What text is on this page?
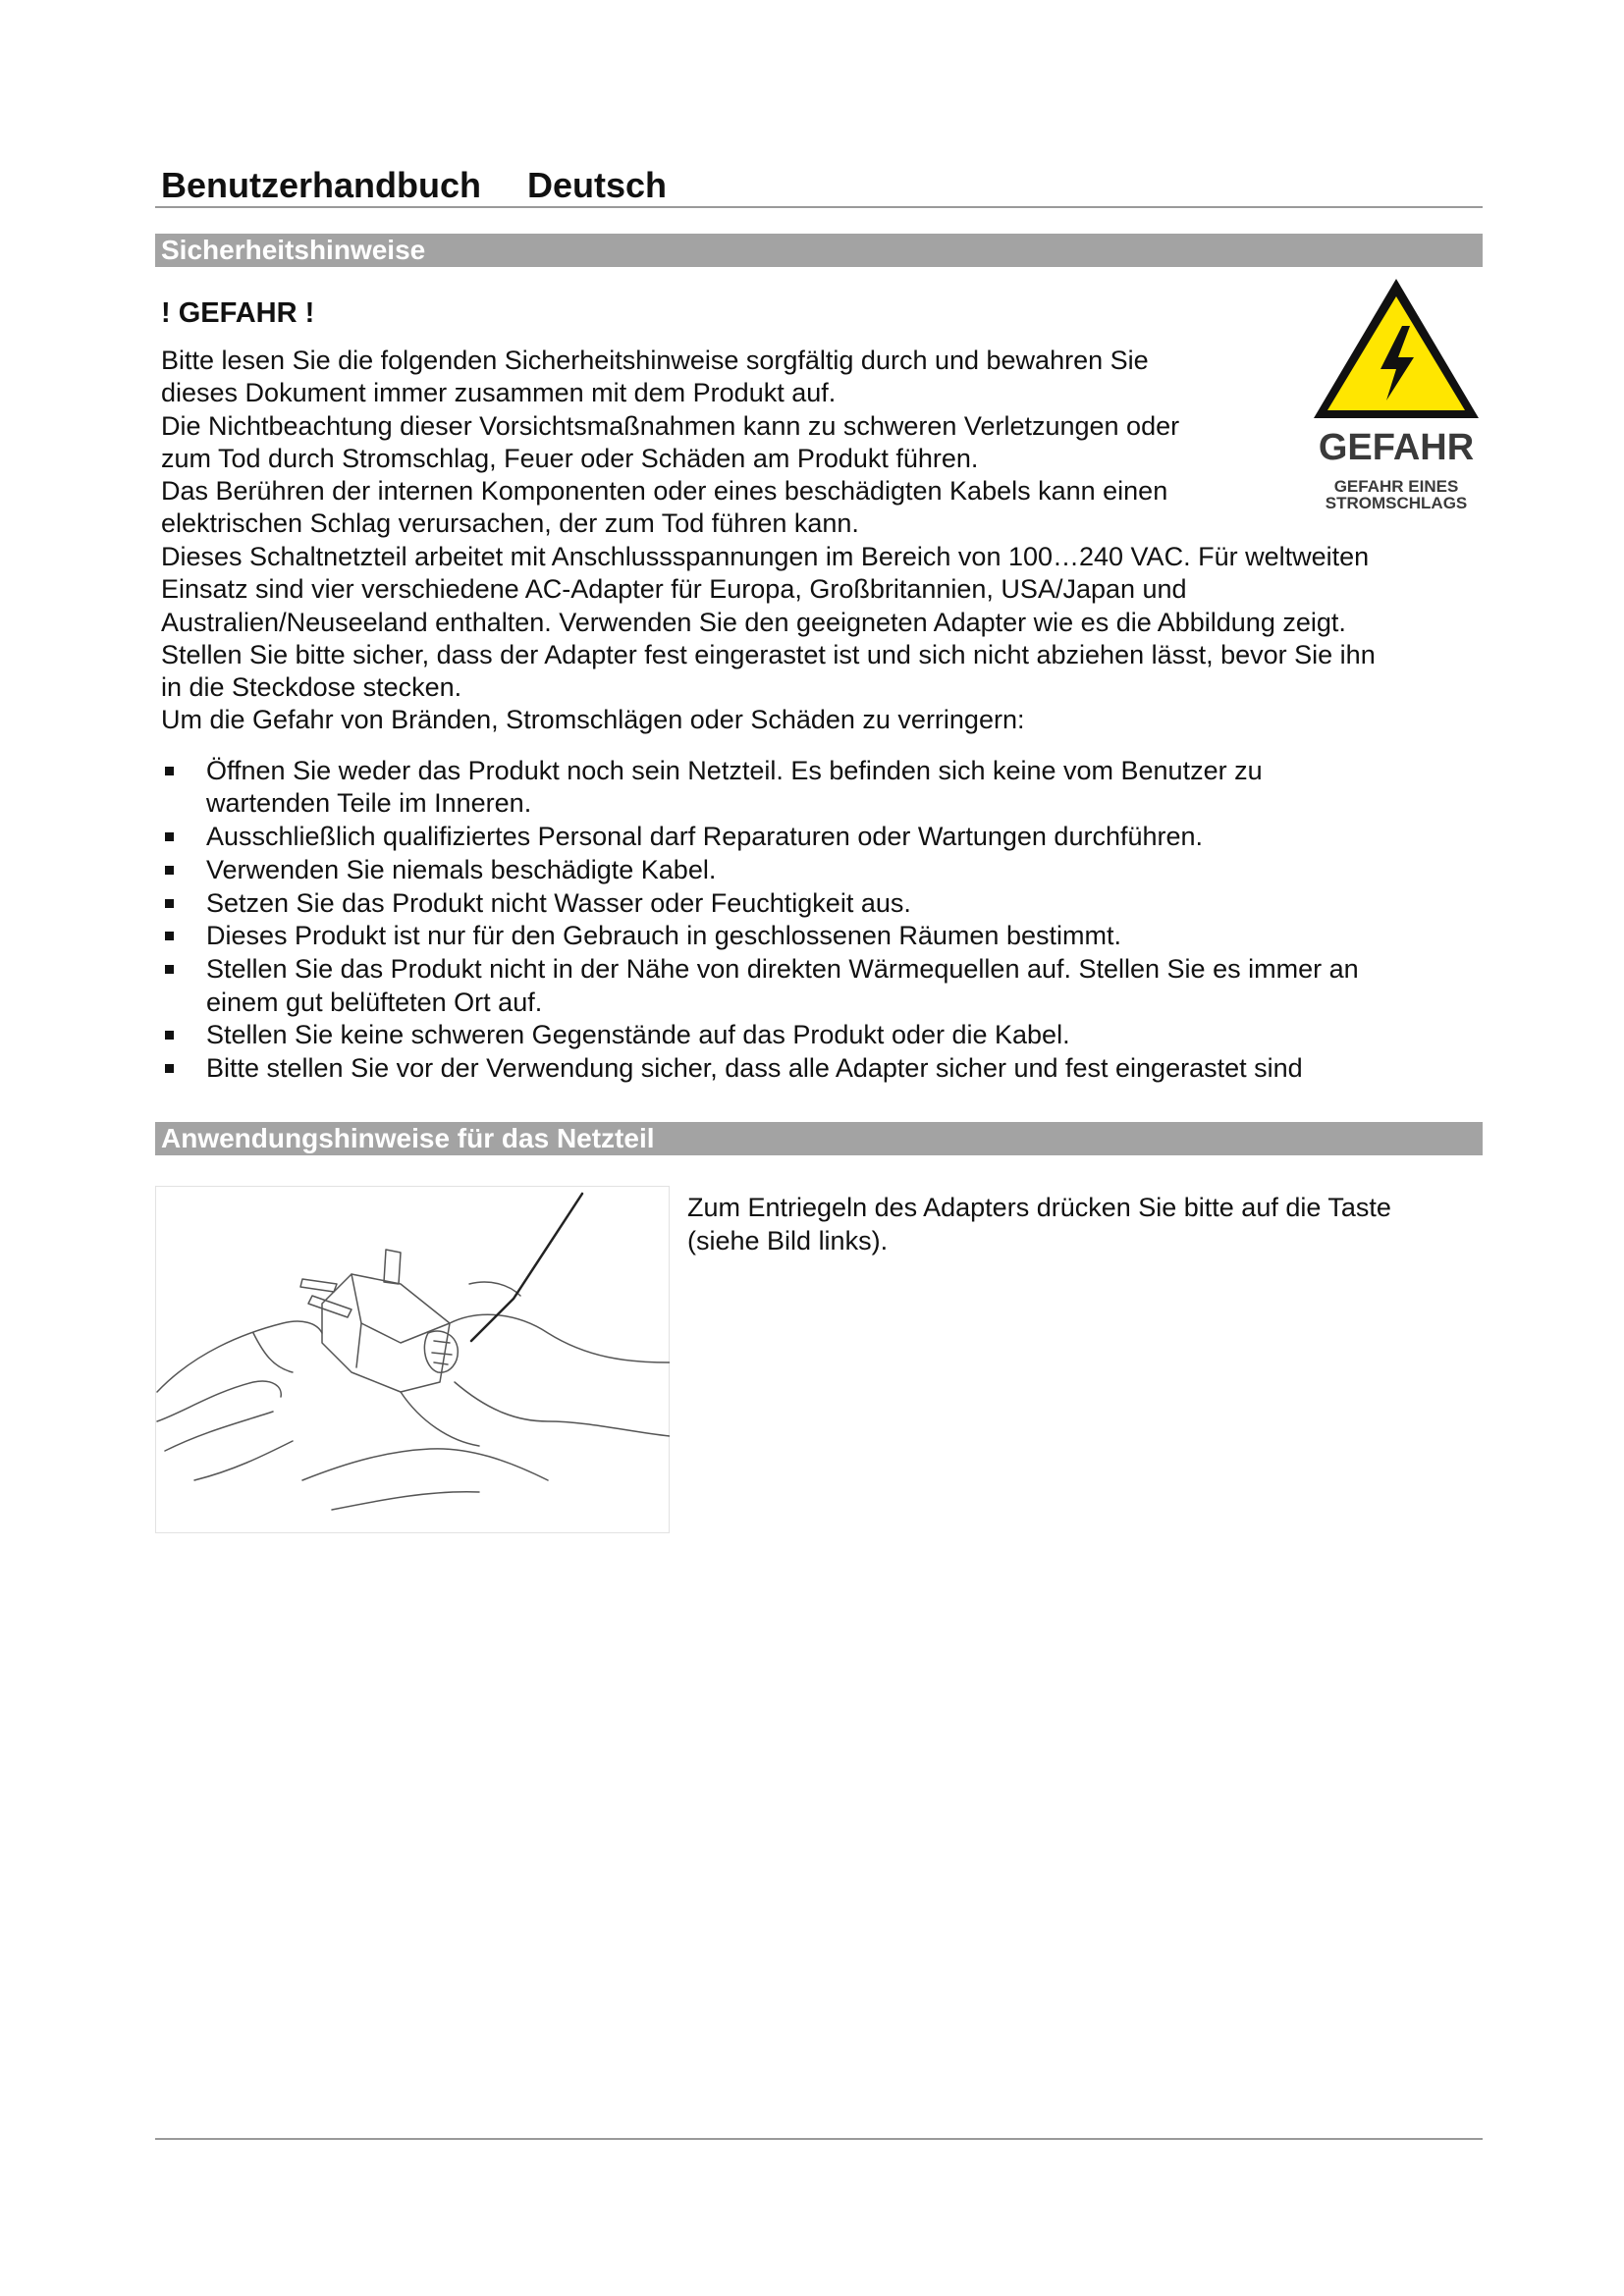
Benutzerhandbuch Deutsch
Sicherheitshinweise
! GEFAHR !
Bitte lesen Sie die folgenden Sicherheitshinweise sorgfältig durch und bewahren Sie
dieses Dokument immer zusammen mit dem Produkt auf.
Die Nichtbeachtung dieser Vorsichtsmaßnahmen kann zu schweren Verletzungen oder
zum Tod durch Stromschlag, Feuer oder Schäden am Produkt führen.
Das Berühren der internen Komponenten oder eines beschädigten Kabels kann einen
elektrischen Schlag verursachen, der zum Tod führen kann.
GEFAHR
GEFAHR EINES
STROMSCHLAGS
Dieses Schaltnetzteil arbeitet mit Anschlussspannungen im Bereich von 100…240 VAC. Für weltweiten
Einsatz sind vier verschiedene AC-Adapter für Europa, Großbritannien, USA/Japan und
Australien/Neuseeland enthalten. Verwenden Sie den geeigneten Adapter wie es die Abbildung zeigt.
Stellen Sie bitte sicher, dass der Adapter fest eingerastet ist und sich nicht abziehen lässt, bevor Sie ihn
in die Steckdose stecken.
Um die Gefahr von Bränden, Stromschlägen oder Schäden zu verringern:
Öffnen Sie weder das Produkt noch sein Netzteil. Es befinden sich keine vom Benutzer zu
wartenden Teile im Inneren.
Ausschließlich qualifiziertes Personal darf Reparaturen oder Wartungen durchführen.
Verwenden Sie niemals beschädigte Kabel.
Setzen Sie das Produkt nicht Wasser oder Feuchtigkeit aus.
Dieses Produkt ist nur für den Gebrauch in geschlossenen Räumen bestimmt.
Stellen Sie das Produkt nicht in der Nähe von direkten Wärmequellen auf. Stellen Sie es immer an
einem gut belüfteten Ort auf.
Stellen Sie keine schweren Gegenstände auf das Produkt oder die Kabel.
Bitte stellen Sie vor der Verwendung sicher, dass alle Adapter sicher und fest eingerastet sind
Anwendungshinweise für das Netzteil
Zum Entriegeln des Adapters drücken Sie bitte auf die Taste
(siehe Bild links).
